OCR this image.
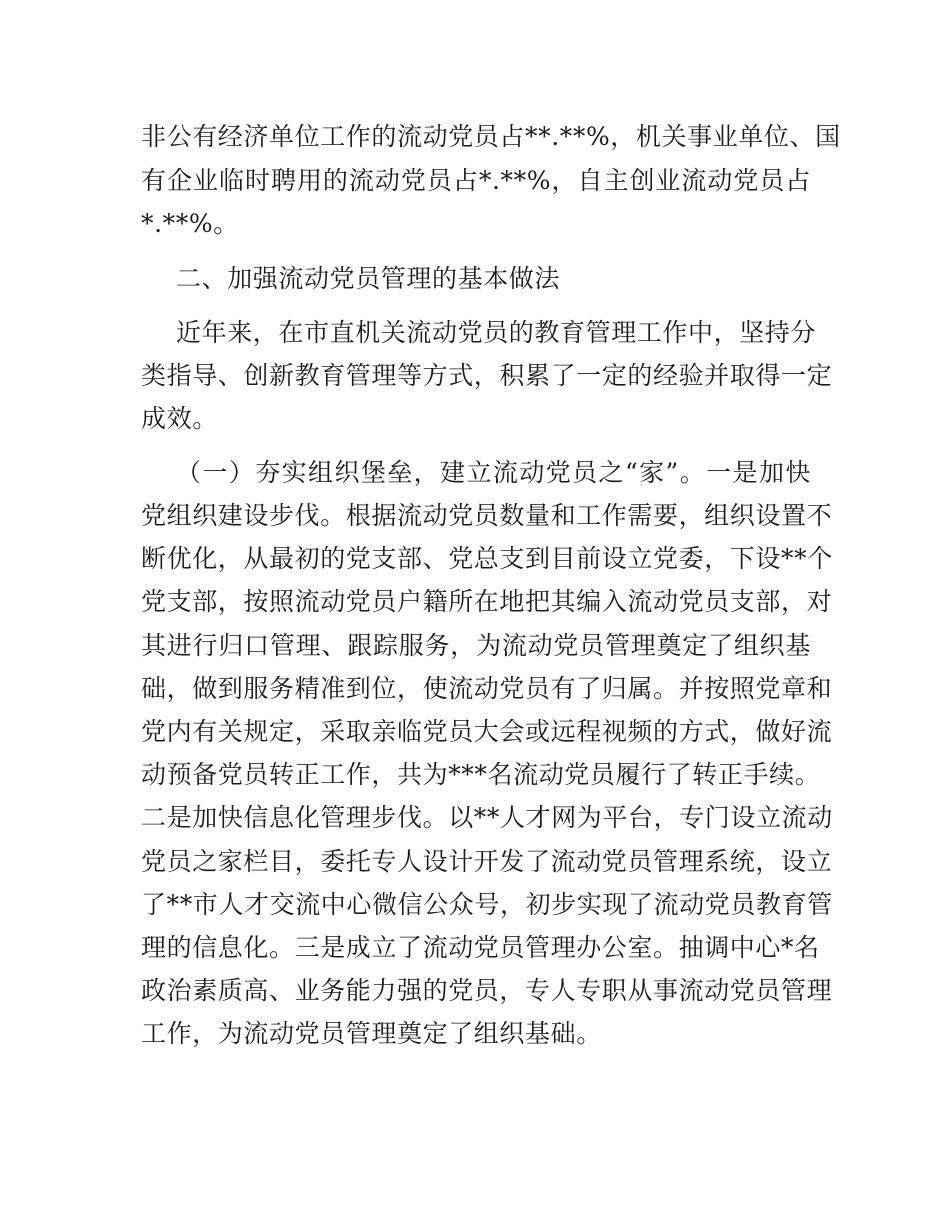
非公有经济单位工作的流动党员占**.**%，机关事业单位、国
有企业临时聘用的流动党员占*.**%，自主创业流动党员占
*.**%。
二、加强流动党员管理的基本做法
近年来，在市直机关流动党员的教育管理工作中，坚持分
类指导、创新教育管理等方式，积累了一定的经验并取得一定
成效。
（一）夯实组织堡垒，建立流动党员之“家”。一是加快
党组织建设步伐。根据流动党员数量和工作需要，组织设置不
断优化，从最初的党支部、党总支到目前设立党委，下设**个
党支部，按照流动党员户籍所在地把其编入流动党员支部，对
其进行归口管理、跟踪服务，为流动党员管理奠定了组织基
础，做到服务精准到位，使流动党员有了归属。并按照党章和
党内有关规定，采取亲临党员大会或远程视频的方式，做好流
动预备党员转正工作，共为***名流动党员履行了转正手续。
二是加快信息化管理步伐。以**人才网为平台，专门设立流动
党员之家栏目，委托专人设计开发了流动党员管理系统，设立
了**市人才交流中心微信公众号，初步实现了流动党员教育管
理的信息化。三是成立了流动党员管理办公室。抽调中心*名
政治素质高、业务能力强的党员，专人专职从事流动党员管理
工作，为流动党员管理奠定了组织基础。
